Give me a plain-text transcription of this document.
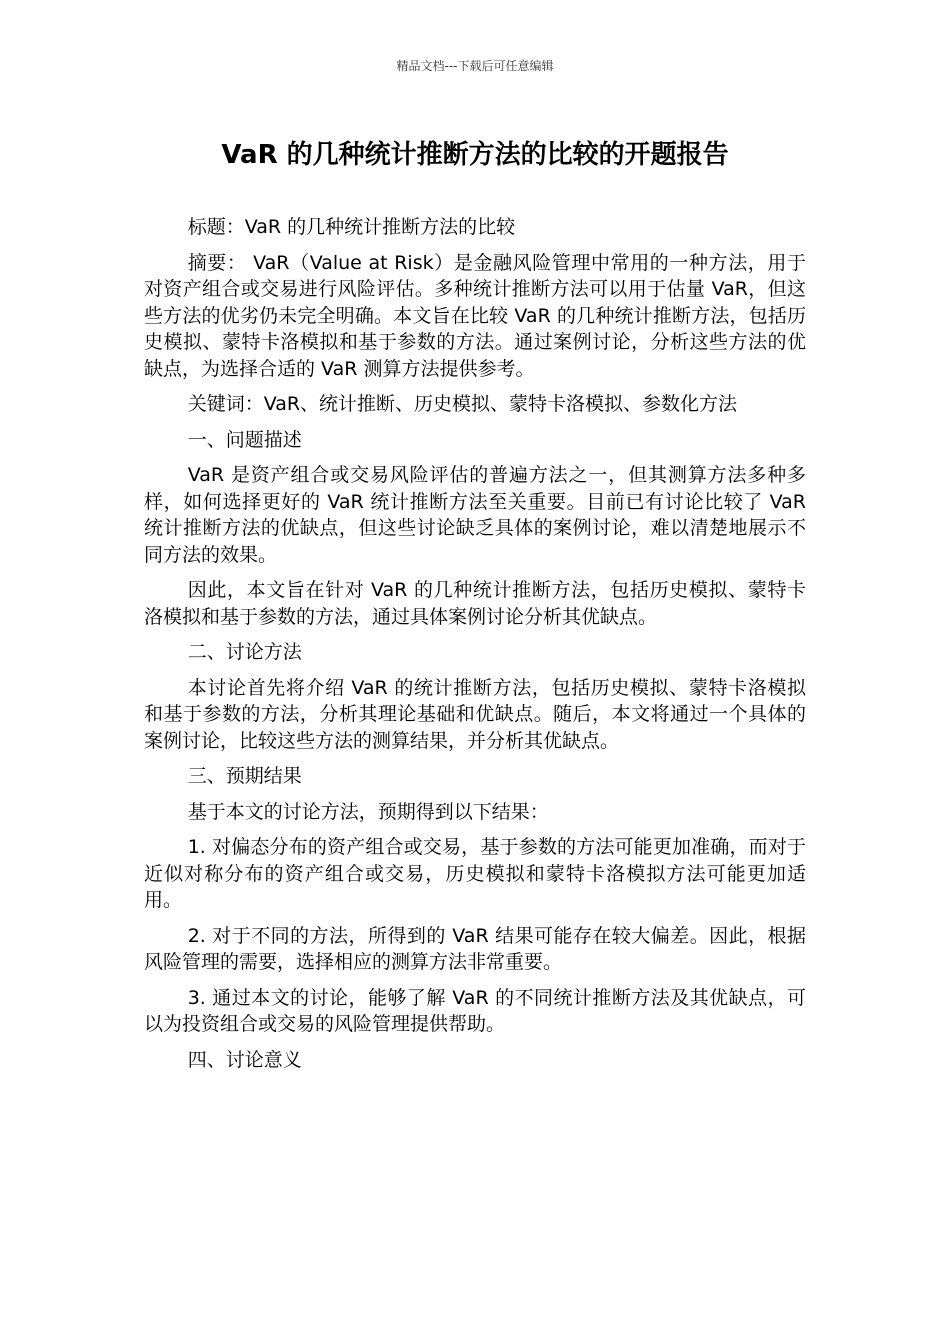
精品文档---下载后可任意编辑
VaR 的几种统计推断方法的比较的开题报告

标题：VaR 的几种统计推断方法的比较

摘要： VaR（Value at Risk）是金融风险管理中常用的一种方法，用于对资产组合或交易进行风险评估。多种统计推断方法可以用于估量 VaR，但这些方法的优劣仍未完全明确。本文旨在比较 VaR 的几种统计推断方法，包括历史模拟、蒙特卡洛模拟和基于参数的方法。通过案例讨论，分析这些方法的优缺点，为选择合适的 VaR 测算方法提供参考。

关键词：VaR、统计推断、历史模拟、蒙特卡洛模拟、参数化方法

一、问题描述

VaR 是资产组合或交易风险评估的普遍方法之一，但其测算方法多种多样，如何选择更好的 VaR 统计推断方法至关重要。目前已有讨论比较了 VaR 统计推断方法的优缺点，但这些讨论缺乏具体的案例讨论，难以清楚地展示不同方法的效果。

因此，本文旨在针对 VaR 的几种统计推断方法，包括历史模拟、蒙特卡洛模拟和基于参数的方法，通过具体案例讨论分析其优缺点。

二、讨论方法

本讨论首先将介绍 VaR 的统计推断方法，包括历史模拟、蒙特卡洛模拟和基于参数的方法，分析其理论基础和优缺点。随后，本文将通过一个具体的案例讨论，比较这些方法的测算结果，并分析其优缺点。

三、预期结果

基于本文的讨论方法，预期得到以下结果：

1. 对偏态分布的资产组合或交易，基于参数的方法可能更加准确，而对于近似对称分布的资产组合或交易，历史模拟和蒙特卡洛模拟方法可能更加适用。

2. 对于不同的方法，所得到的 VaR 结果可能存在较大偏差。因此，根据风险管理的需要，选择相应的测算方法非常重要。

3. 通过本文的讨论，能够了解 VaR 的不同统计推断方法及其优缺点，可以为投资组合或交易的风险管理提供帮助。

四、讨论意义
